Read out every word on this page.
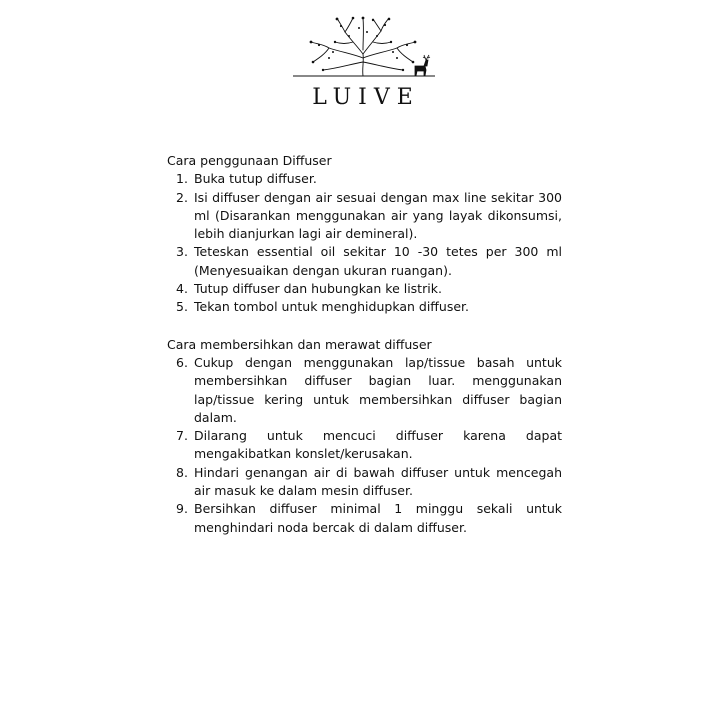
LUIVE

Cara penggunaan Diffuser

1. Buka tutup diffuser.
2. Isi diffuser dengan air sesuai dengan max line sekitar 300 ml (Disarankan menggunakan air yang layak dikonsumsi, lebih dianjurkan lagi air demineral).
3. Teteskan essential oil sekitar 10 -30 tetes per 300 ml (Menyesuaikan dengan ukuran ruangan).
4. Tutup diffuser dan hubungkan ke listrik.
5. Tekan tombol untuk menghidupkan diffuser.

Cara membersihkan dan merawat diffuser

6. Cukup dengan menggunakan lap/tissue basah untuk membersihkan diffuser bagian luar. menggunakan lap/tissue kering untuk membersihkan diffuser bagian dalam.
7. Dilarang untuk mencuci diffuser karena dapat mengakibatkan konslet/kerusakan.
8. Hindari genangan air di bawah diffuser untuk mencegah air masuk ke dalam mesin diffuser.
9. Bersihkan diffuser minimal 1 minggu sekali untuk menghindari noda bercak di dalam diffuser.
